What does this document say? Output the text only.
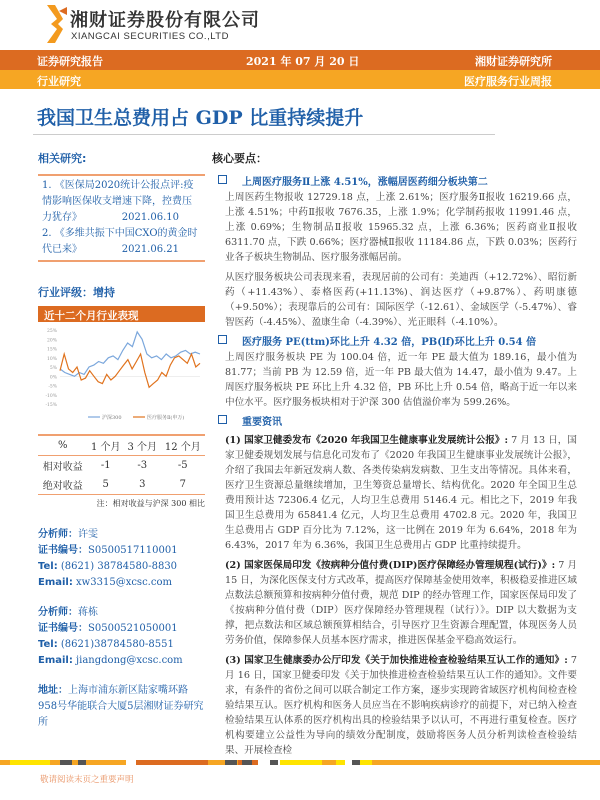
湘财证券股份有限公司
XIANGCAI SECURITIES CO.,LTD
证券研究报告	2021 年 07 月 20 日	湘财证券研究所
行业研究	医疗服务行业周报
我国卫生总费用占 GDP 比重持续提升
相关研究:
1. 《医保局2020统计公报点评:疫情影响医保收支增速下降，控费压力犹存》	2021.06.10
2. 《多维共振下中国CXO的黄金时代已来》	2021.06.21
行业评级：增持
近十二个月行业表现
25%
20%
15%
10%
5%
0%
-5%
-10%
-15%
沪深300	医疗服务Ⅱ(申万)
%	1 个月	3 个月	12 个月
相对收益	-1	-3	-5
绝对收益	5	3	7
注：相对收益与沪深 300 相比
分析师：许雯
证书编号：S0500517110001
Tel: (8621) 38784580-8830
Email: xw3315@xcsc.com
分析师：蒋栋
证书编号：S0500521050001
Tel: (8621)38784580-8551
Email: jiangdong@xcsc.com
地址：上海市浦东新区陆家嘴环路958号华能联合大厦5层湘财证券研究所
核心要点：
上周医疗服务Ⅱ上涨 4.51%，涨幅居医药细分板块第二
上周医药生物报收 12729.18 点，上涨 2.61%；医疗服务Ⅱ报收 16219.66 点，上涨 4.51%；中药Ⅱ报收 7676.35，上涨 1.9%；化学制药报收 11991.46 点，上涨 0.69%；生物制品Ⅱ报收 15965.32 点，上涨 6.36%；医药商业Ⅱ报收 6311.70 点，下跌 0.66%；医疗器械Ⅱ报收 11184.86 点，下跌 0.03%；医药行业各子板块生物制品、医疗服务涨幅居前。
从医疗服务板块公司表现来看，表现居前的公司有：美迪西（+12.72%）、昭衍新药（+11.43%）、泰格医药(+11.13%)、润达医疗（+9.87%）、药明康德（+9.50%）；表现靠后的公司有：国际医学（-12.61）、金域医学（-5.47%）、睿智医药（-4.45%）、盈康生命（-4.39%）、光正眼科（-4.10%）。
医疗服务 PE(ttm)环比上升 4.32 倍，PB(lf)环比上升 0.54 倍
上周医疗服务板块 PE 为 100.04 倍，近一年 PE 最大值为 189.16，最小值为 81.77；当前 PB 为 12.59 倍，近一年 PB 最大值为 14.47，最小值为 9.47。上周医疗服务板块 PE 环比上升 4.32 倍，PB 环比上升 0.54 倍，略高于近一年以来中位水平。医疗服务板块相对于沪深 300 估值溢价率为 599.26%。
重要资讯
(1) 国家卫健委发布《2020 年我国卫生健康事业发展统计公报》: 7 月 13 日，国家卫健委规划发展与信息化司发布了《2020 年我国卫生健康事业发展统计公报》，介绍了我国去年新冠发病人数、各类传染病发病数、卫生支出等情况。具体来看，医疗卫生资源总量继续增加，卫生筹资总量增长、结构优化。2020 年全国卫生总费用预计达 72306.4 亿元，人均卫生总费用 5146.4 元。相比之下，2019 年我国卫生总费用为 65841.4 亿元，人均卫生总费用 4702.8 元。2020 年，我国卫生总费用占 GDP 百分比为 7.12%，这一比例在 2019 年为 6.64%，2018 年为 6.43%，2017 年为 6.36%，我国卫生总费用占 GDP 比重持续提升。
(2) 国家医保局印发《按病种分值付费(DIP)医疗保障经办管理规程(试行)》: 7 月 15 日，为深化医保支付方式改革，提高医疗保障基金使用效率，积极稳妥推进区域点数法总额预算和按病种分值付费，规范 DIP 的经办管理工作，国家医保局印发了《按病种分值付费（DIP）医疗保障经办管理规程（试行）》。DIP 以大数据为支撑，把点数法和区域总额预算相结合，引导医疗卫生资源合理配置，体现医务人员劳务价值，保障参保人员基本医疗需求，推进医保基金平稳高效运行。
(3) 国家卫生健康委办公厅印发《关于加快推进检查检验结果互认工作的通知》: 7 月 16 日，国家卫健委印发《关于加快推进检查检验结果互认工作的通知》。文件要求，有条件的省份之间可以联合制定工作方案，逐步实现跨省域医疗机构间检查检验结果互认。医疗机构和医务人员应当在不影响疾病诊疗的前提下，对已纳入检查检验结果互认体系的医疗机构出具的检验结果予以认可，不再进行重复检查。医疗机构要建立公益性为导向的绩效分配制度，鼓励将医务人员分析判读检查检验结果、开展检查检
敬请阅读末页之重要声明
